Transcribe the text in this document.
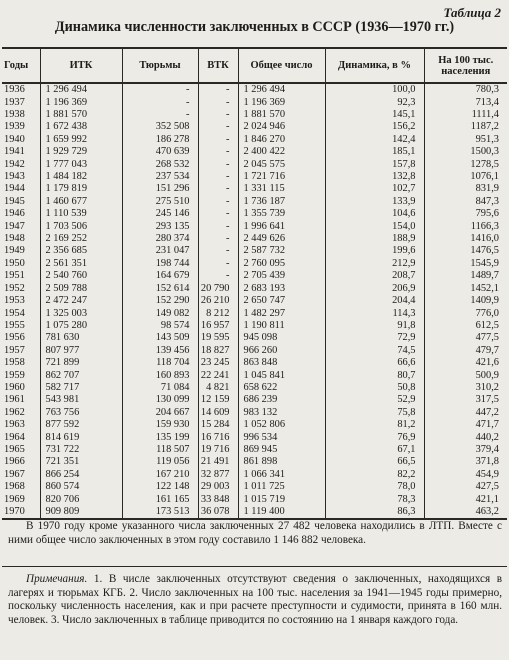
Таблица 2
Динамика численности заключенных в СССР (1936—1970 гг.)
Годы	ИТК	Тюрьмы	ВТК	Общее число	Динамика, в %	На 100 тыс. населения
1936	1 296 494	-	-	1 296 494	100,0	780,3
1937	1 196 369	-	-	1 196 369	92,3	713,4
1938	1 881 570	-	-	1 881 570	145,1	1111,4
1939	1 672 438	352 508	-	2 024 946	156,2	1187,2
1940	1 659 992	186 278	-	1 846 270	142,4	951,3
1941	1 929 729	470 639	-	2 400 422	185,1	1500,3
1942	1 777 043	268 532	-	2 045 575	157,8	1278,5
1943	1 484 182	237 534	-	1 721 716	132,8	1076,1
1944	1 179 819	151 296	-	1 331 115	102,7	831,9
1945	1 460 677	275 510	-	1 736 187	133,9	847,3
1946	1 110 539	245 146	-	1 355 739	104,6	795,6
1947	1 703 506	293 135	-	1 996 641	154,0	1166,3
1948	2 169 252	280 374	-	2 449 626	188,9	1416,0
1949	2 356 685	231 047	-	2 587 732	199,6	1476,5
1950	2 561 351	198 744	-	2 760 095	212,9	1545,9
1951	2 540 760	164 679	-	2 705 439	208,7	1489,7
1952	2 509 788	152 614	20 790	2 683 193	206,9	1452,1
1953	2 472 247	152 290	26 210	2 650 747	204,4	1409,9
1954	1 325 003	149 082	8 212	1 482 297	114,3	776,0
1955	1 075 280	98 574	16 957	1 190 811	91,8	612,5
1956	781 630	143 509	19 595	945 098	72,9	477,5
1957	807 977	139 456	18 827	966 260	74,5	479,7
1958	721 899	118 704	23 245	863 848	66,6	421,6
1959	862 707	160 893	22 241	1 045 841	80,7	500,9
1960	582 717	71 084	4 821	658 622	50,8	310,2
1961	543 981	130 099	12 159	686 239	52,9	317,5
1962	763 756	204 667	14 609	983 132	75,8	447,2
1963	877 592	159 930	15 284	1 052 806	81,2	471,7
1964	814 619	135 199	16 716	996 534	76,9	440,2
1965	731 722	118 507	19 716	869 945	67,1	379,4
1966	721 351	119 056	21 491	861 898	66,5	371,8
1967	866 254	167 210	32 877	1 066 341	82,2	454,9
1968	860 574	122 148	29 003	1 011 725	78,0	427,5
1969	820 706	161 165	33 848	1 015 719	78,3	421,1
1970	909 809	173 513	36 078	1 119 400	86,3	463,2

В 1970 году кроме указанного числа заключенных 27 482 человека находились в ЛТП. Вместе с ними общее число заключенных в этом году составило 1 146 882 человека.

Примечания. 1. В числе заключенных отсутствуют сведения о заключенных, находящихся в лагерях и тюрьмах КГБ. 2. Число заключенных на 100 тыс. населения за 1941—1945 годы примерно, поскольку численность населения, как и при расчете преступности и судимости, принята в 160 млн. человек. 3. Число заключенных в таблице приводится по состоянию на 1 января каждого года.
